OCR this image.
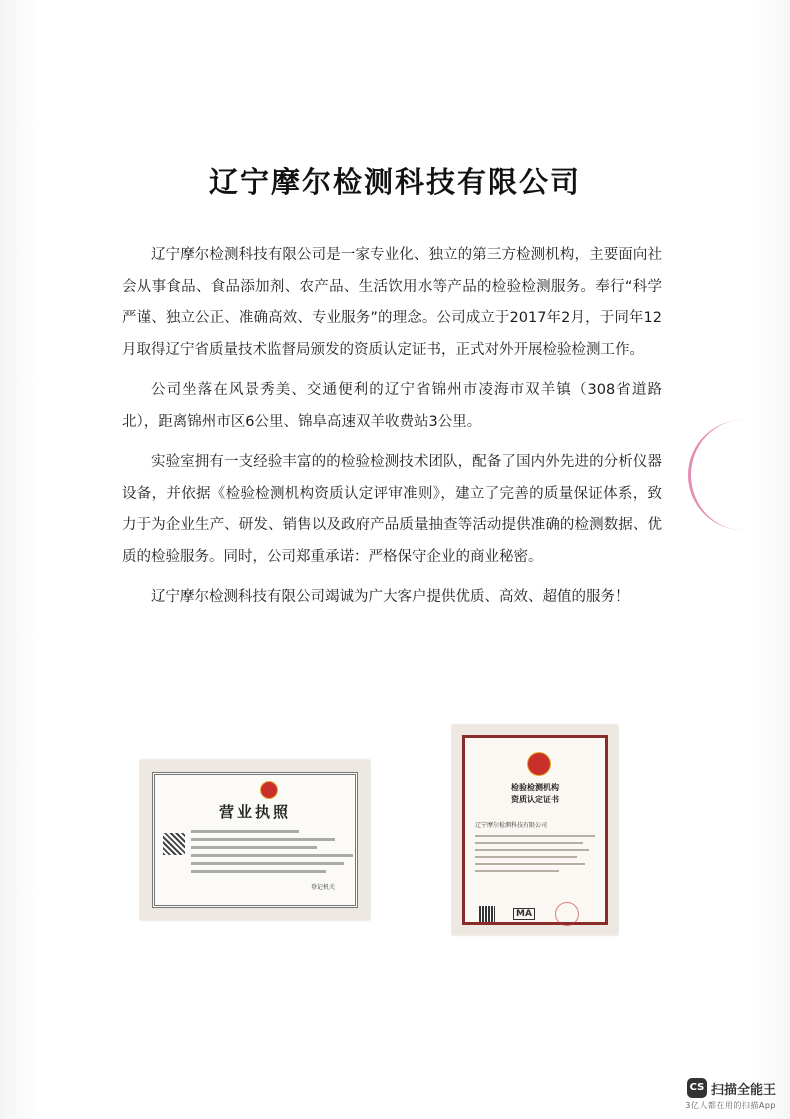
辽宁摩尔检测科技有限公司

辽宁摩尔检测科技有限公司是一家专业化、独立的第三方检测机构，主要面向社会从事食品、食品添加剂、农产品、生活饮用水等产品的检验检测服务。奉行“科学严谨、独立公正、准确高效、专业服务”的理念。公司成立于2017年2月，于同年12月取得辽宁省质量技术监督局颁发的资质认定证书，正式对外开展检验检测工作。

公司坐落在风景秀美、交通便利的辽宁省锦州市凌海市双羊镇（308省道路北），距离锦州市区6公里、锦阜高速双羊收费站3公里。

实验室拥有一支经验丰富的的检验检测技术团队，配备了国内外先进的分析仪器设备，并依据《检验检测机构资质认定评审准则》，建立了完善的质量保证体系，致力于为企业生产、研发、销售以及政府产品质量抽查等活动提供准确的检测数据、优质的检验服务。同时，公司郑重承诺：严格保守企业的商业秘密。

辽宁摩尔检测科技有限公司竭诚为广大客户提供优质、高效、超值的服务！

营业执照
登记机关
检验检测机构
资质认定证书
辽宁摩尔检测科技有限公司
MA
CS 扫描全能王
3亿人都在用的扫描App
